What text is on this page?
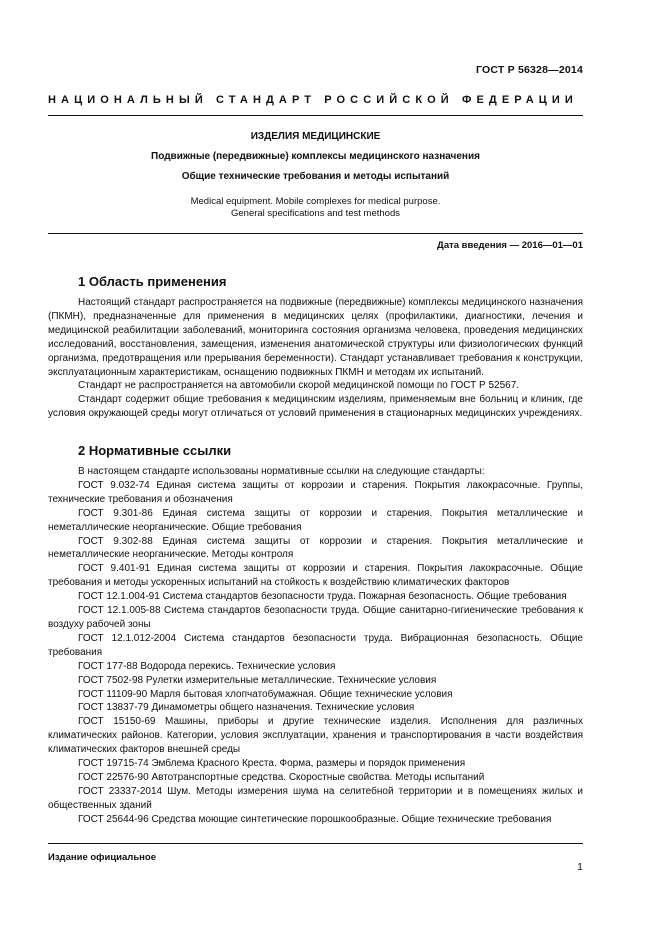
ГОСТ Р 56328—2014
НАЦИОНАЛЬНЫЙ СТАНДАРТ РОССИЙСКОЙ ФЕДЕРАЦИИ
ИЗДЕЛИЯ МЕДИЦИНСКИЕ
Подвижные (передвижные) комплексы медицинского назначения
Общие технические требования и методы испытаний
Medical equipment. Mobile complexes for medical purpose.
General specifications and test methods
Дата введения — 2016—01—01
1 Область применения

Настоящий стандарт распространяется на подвижные (передвижные) комплексы медицинского назначения (ПКМН), предназначенные для применения в медицинских целях (профилактики, диагностики, лечения и медицинской реабилитации заболеваний, мониторинга состояния организма человека, проведения медицинских исследований, восстановления, замещения, изменения анатомической структуры или физиологических функций организма, предотвращения или прерывания беременности). Стандарт устанавливает требования к конструкции, эксплуатационным характеристикам, оснащению подвижных ПКМН и методам их испытаний.

Стандарт не распространяется на автомобили скорой медицинской помощи по ГОСТ Р 52567.

Стандарт содержит общие требования к медицинским изделиям, применяемым вне больниц и клиник, где условия окружающей среды могут отличаться от условий применения в стационарных медицинских учреждениях.

2 Нормативные ссылки

В настоящем стандарте использованы нормативные ссылки на следующие стандарты:

ГОСТ 9.032-74 Единая система защиты от коррозии и старения. Покрытия лакокрасочные. Группы, технические требования и обозначения

ГОСТ 9.301-86 Единая система защиты от коррозии и старения. Покрытия металлические и неметаллические неорганические. Общие требования

ГОСТ 9.302-88 Единая система защиты от коррозии и старения. Покрытия металлические и неметаллические неорганические. Методы контроля

ГОСТ 9.401-91 Единая система защиты от коррозии и старения. Покрытия лакокрасочные. Общие требования и методы ускоренных испытаний на стойкость к воздействию климатических факторов

ГОСТ 12.1.004-91 Система стандартов безопасности труда. Пожарная безопасность. Общие требования

ГОСТ 12.1.005-88 Система стандартов безопасности труда. Общие санитарно-гигиенические требования к воздуху рабочей зоны

ГОСТ 12.1.012-2004 Система стандартов безопасности труда. Вибрационная безопасность. Общие требования

ГОСТ 177-88 Водорода перекись. Технические условия

ГОСТ 7502-98 Рулетки измерительные металлические. Технические условия

ГОСТ 11109-90 Марля бытовая хлопчатобумажная. Общие технические условия

ГОСТ 13837-79 Динамометры общего назначения. Технические условия

ГОСТ 15150-69 Машины, приборы и другие технические изделия. Исполнения для различных климатических районов. Категории, условия эксплуатации, хранения и транспортирования в части воздействия климатических факторов внешней среды

ГОСТ 19715-74 Эмблема Красного Креста. Форма, размеры и порядок применения

ГОСТ 22576-90 Автотранспортные средства. Скоростные свойства. Методы испытаний

ГОСТ 23337-2014 Шум. Методы измерения шума на селитебной территории и в помещениях жилых и общественных зданий

ГОСТ 25644-96 Средства моющие синтетические порошкообразные. Общие технические требования

Издание официальное
1
